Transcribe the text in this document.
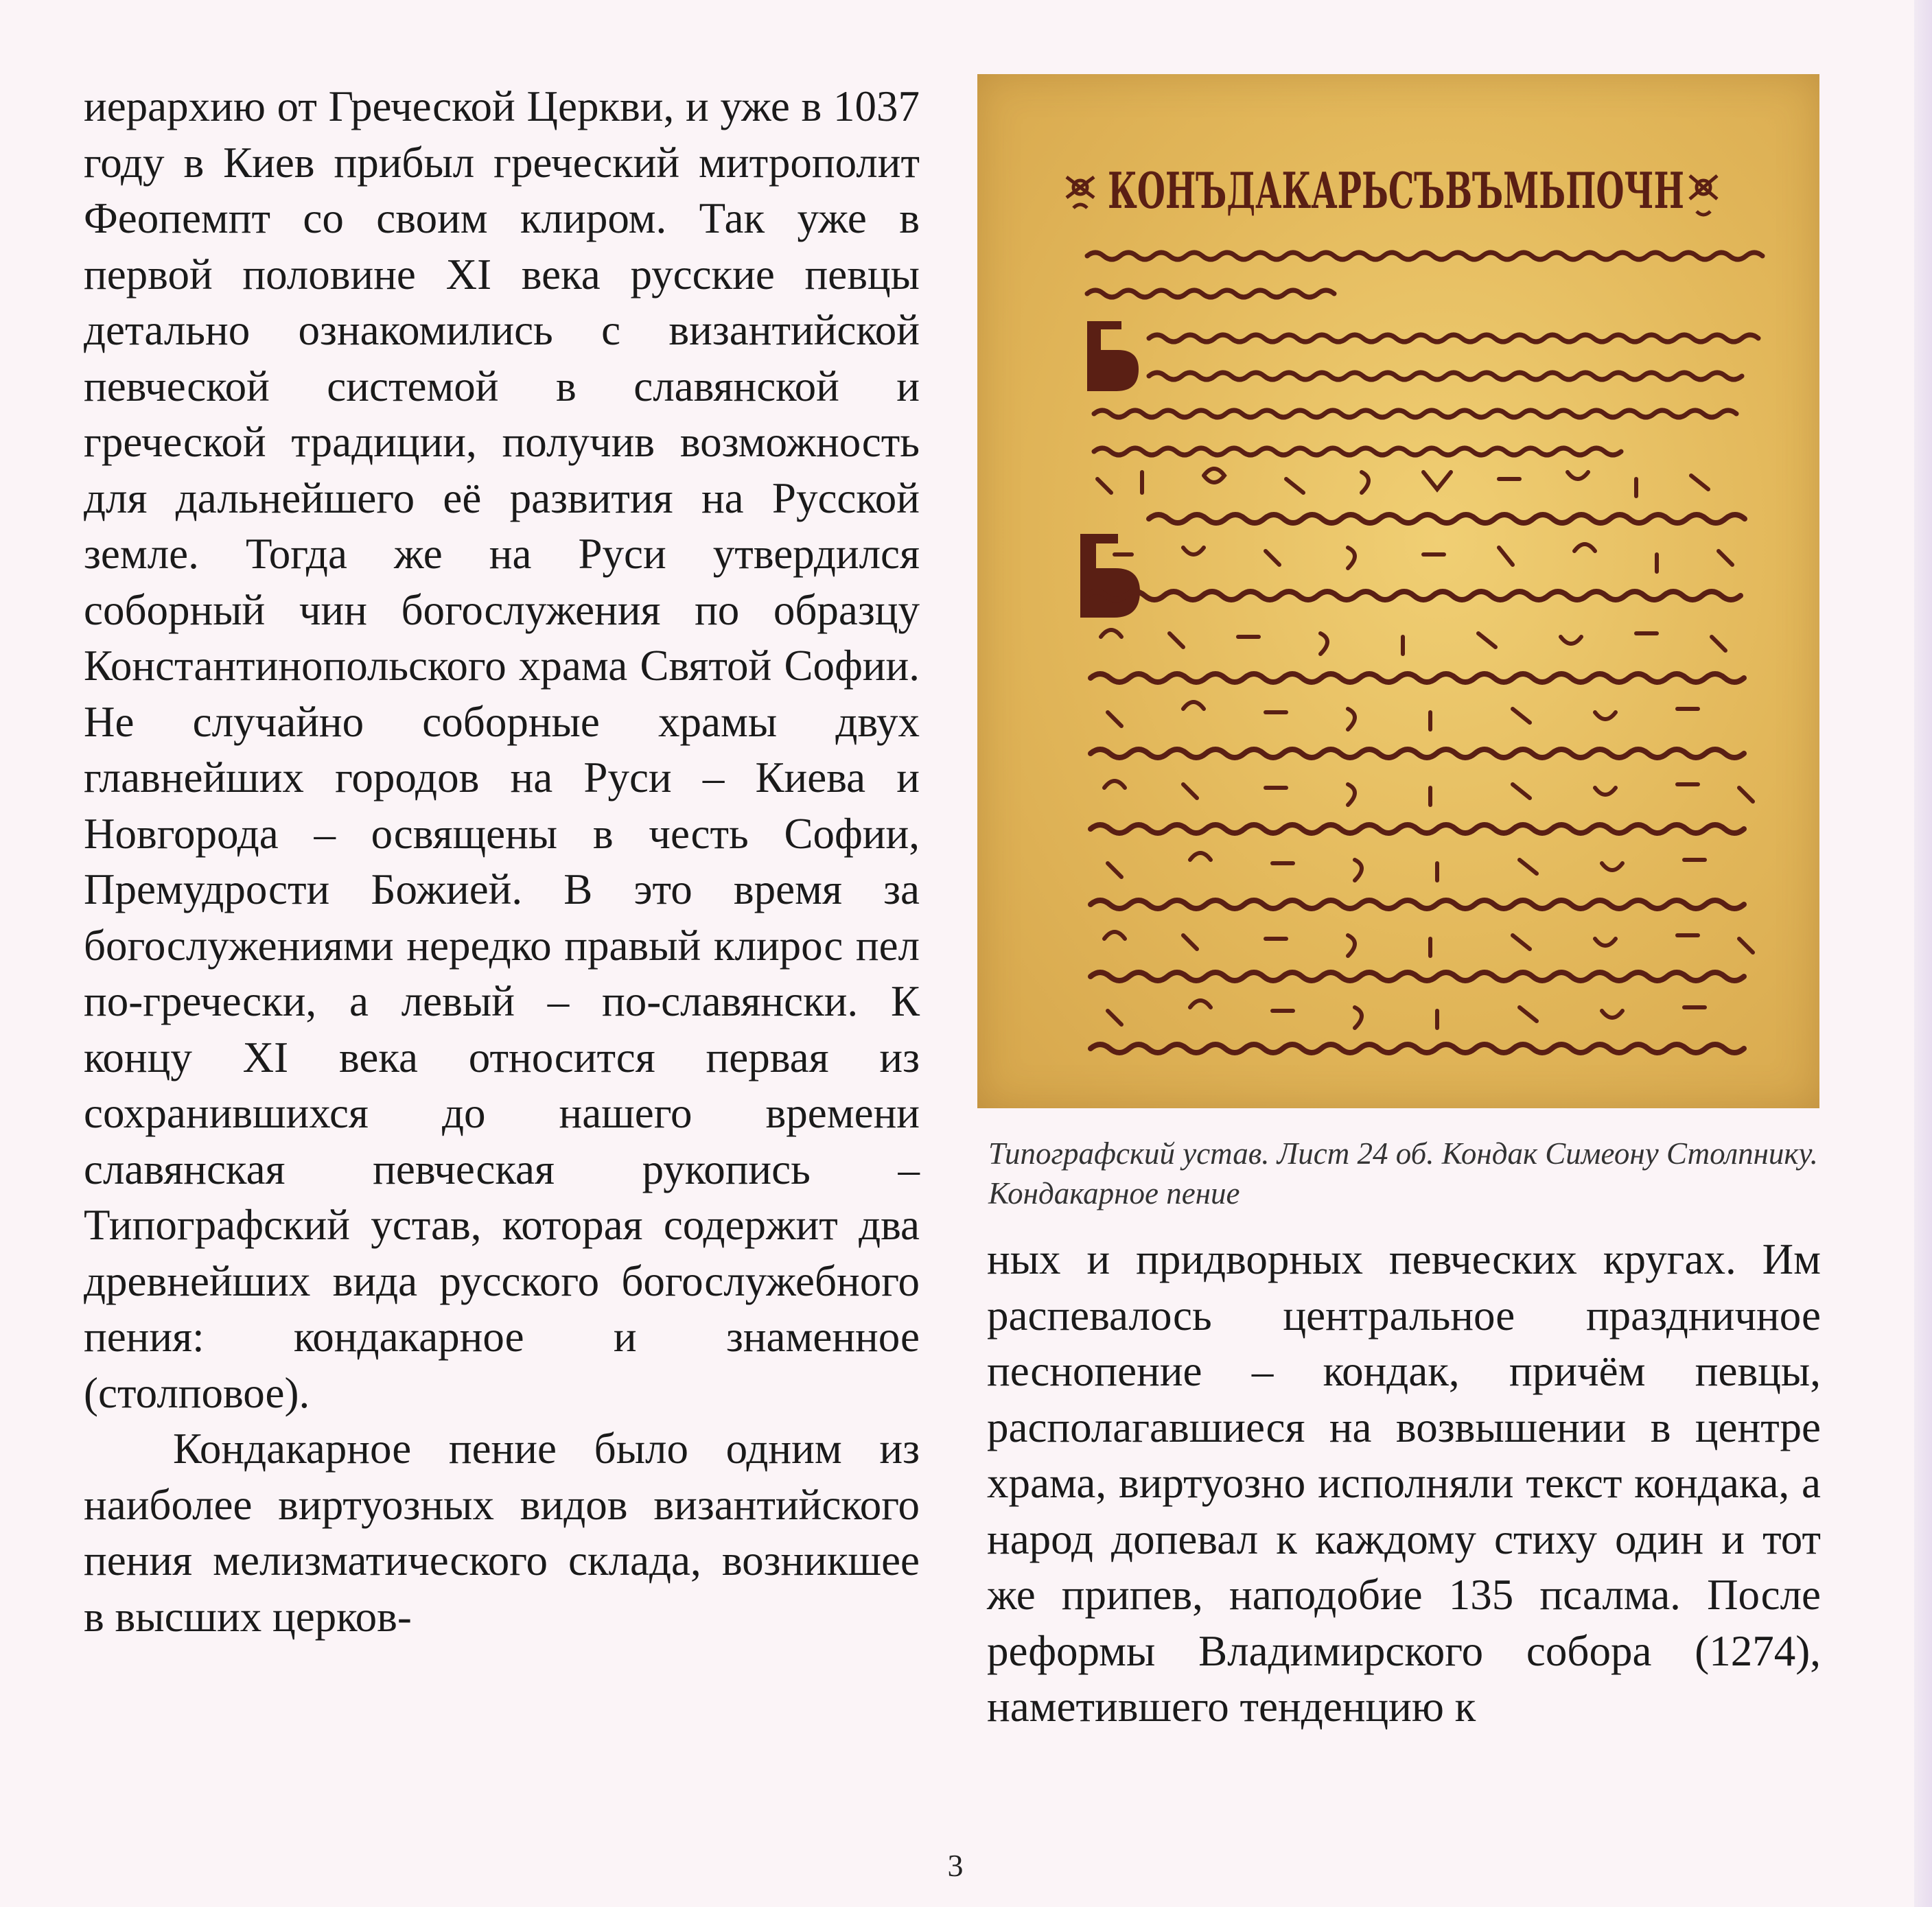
иерархию от Греческой Церкви, и уже в 1037 году в Киев прибыл греческий митрополит Феопемпт со своим клиром. Так уже в первой половине XI века русские певцы детально ознакомились с византийской певческой системой в славянской и греческой традиции, получив возможность для дальнейшего её развития на Русской земле. Тогда же на Руси утвердился соборный чин богослужения по образцу Константинопольского храма Святой Софии. Не случайно соборные храмы двух главнейших городов на Руси – Киева и Новгорода – освящены в честь Софии, Премудрости Божией. В это время за богослужениями нередко правый клирос пел по-гречески, а левый – по-славянски. К концу XI века относится первая из сохранившихся до нашего времени славянская певческая рукопись – Типографский устав, которая содержит два древнейших вида русского богослужебного пения: кондакарное и знаменное (столповое).

Кондакарное пение было одним из наиболее виртуозных видов византийского пения мелизматического склада, возникшее в высших церков-

КОНЪДАКАРЬСЪВЪМЬПОЧН
Типографский устав. Лист 24 об. Кондак Симеону Столпнику. Кондакарное пение

ных и придворных певческих кругах. Им распевалось центральное праздничное песнопение – кондак, причём певцы, располагавшиеся на возвышении в центре храма, виртуозно исполняли текст кондака, а народ допевал к каждому стиху один и тот же припев, наподобие 135 псалма. После реформы Владимирского собора (1274), наметившего тенденцию к

3
